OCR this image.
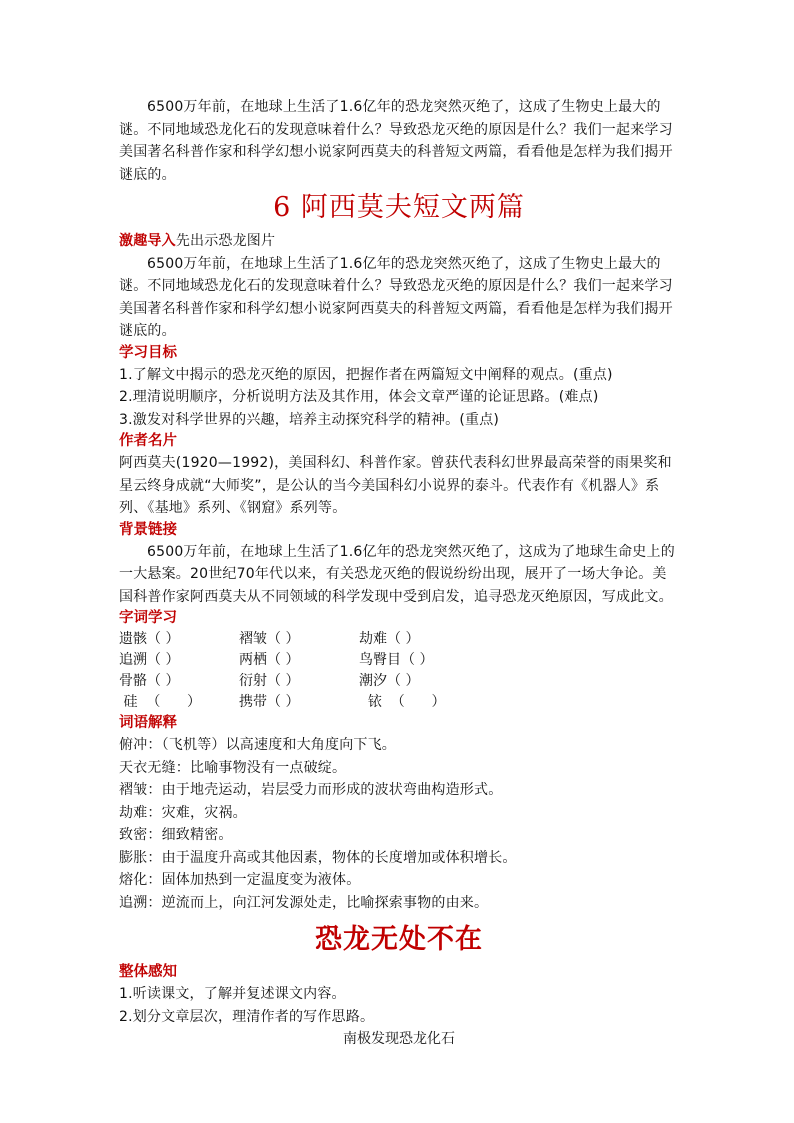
6500万年前，在地球上生活了1.6亿年的恐龙突然灭绝了，这成了生物史上最大的谜。不同地域恐龙化石的发现意味着什么？导致恐龙灭绝的原因是什么？我们一起来学习美国著名科普作家和科学幻想小说家阿西莫夫的科普短文两篇，看看他是怎样为我们揭开谜底的。

6 阿西莫夫短文两篇

激趣导入先出示恐龙图片

6500万年前，在地球上生活了1.6亿年的恐龙突然灭绝了，这成了生物史上最大的谜。不同地域恐龙化石的发现意味着什么？导致恐龙灭绝的原因是什么？我们一起来学习美国著名科普作家和科学幻想小说家阿西莫夫的科普短文两篇，看看他是怎样为我们揭开谜底的。

学习目标

1.了解文中揭示的恐龙灭绝的原因，把握作者在两篇短文中阐释的观点。(重点)

2.理清说明顺序，分析说明方法及其作用，体会文章严谨的论证思路。(难点)

3.激发对科学世界的兴趣，培养主动探究科学的精神。(重点)

作者名片

阿西莫夫(1920—1992)，美国科幻、科普作家。曾获代表科幻世界最高荣誉的雨果奖和星云终身成就“大师奖”，是公认的当今美国科幻小说界的泰斗。代表作有《机器人》系列、《基地》系列、《钢窟》系列等。

背景链接

6500万年前，在地球上生活了1.6亿年的恐龙突然灭绝了，这成为了地球生命史上的一大悬案。20世纪70年代以来，有关恐龙灭绝的假说纷纷出现，展开了一场大争论。美国科普作家阿西莫夫从不同领域的科学发现中受到启发，追寻恐龙灭绝原因，写成此文。

字词学习
遗骸（ ）	褶皱（ ）	劫难（ ）
追溯（ ）	两栖（ ）	鸟臀目（ ）
骨骼（ ）	衍射（ ）	潮汐（ ）
硅  （      ）	携带（ ）	铱  （      ）
词语解释

俯冲：（飞机等）以高速度和大角度向下飞。

天衣无缝：比喻事物没有一点破绽。

褶皱：由于地壳运动，岩层受力而形成的波状弯曲构造形式。

劫难：灾难，灾祸。

致密：细致精密。

膨胀：由于温度升高或其他因素，物体的长度增加或体积增长。

熔化：固体加热到一定温度变为液体。

追溯：逆流而上，向江河发源处走，比喻探索事物的由来。

恐龙无处不在
整体感知

1.听读课文，了解并复述课文内容。

2.划分文章层次，理清作者的写作思路。

南极发现恐龙化石
